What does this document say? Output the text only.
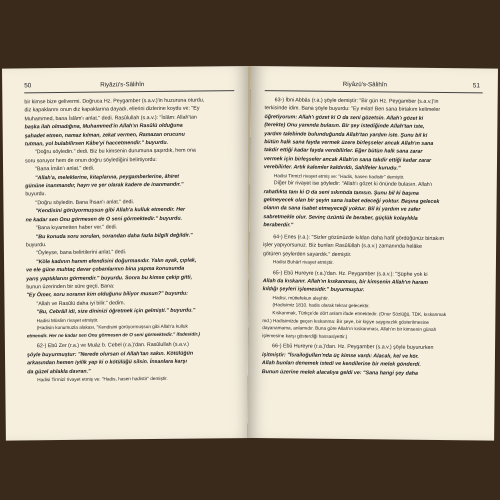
50	Riyâzü's-Sâlihîn

bir kimse bize gelivermi. Doğruca Hz. Peygamber (s.a.v.)'in huzuruna oturdu,

diz kapaklarını onun diz kapaklarına dayadı, ellerini dizlerine koydu ve: "Ey

Muhammed, bana İslâm'ı anlat." dedi. Rasûlullah (s.a.v.): "İslâm: Allah'tan

başka ilah olmadığına, Muhammed'in Allah'ın Rasûlü olduğuna

şahadet etmen, namaz kılman, zekat vermen, Ramazan orucunu

tutman, yol bulabilirsen Kâbe'yi haccetmendir." buyurdu.

"Doğru söyledin." dedi. Biz bu kimsenin durumuna şaşırdık, hem ona

soru soruyor hem de onun doğru söylediğini belirtiyordu:

"Bana İmân'ı anlat." dedi.

"Allah'a, meleklerine, kitaplarına, peygamberlerine, âhiret

gününe inanmandır, hayrı ve şer olarak kadere de inanmandır."

buyurdu.

"Doğru söyledin. Bana İhsan'ı anlat." dedi.

"Kendisini görüyormuşsun gibi Allah'a kulluk etmendir. Her

ne kadar sen Onu görmesen de O seni görmektedir." buyurdu.

"Bana kıyametten haber ver." dedi.

"Bu konuda soru sorulan, sorandan daha fazla bilgili değildir."

buyurdu.

"Öyleyse, bana belirtilerini anlat." dedi.

"Köle kadının hanım efendisini doğurmasıdır. Yalın ayak, çıplak,

ve ele güne muhtaç davar çobanlarının bina yapma konusunda

yarış yaptıklarını görmendir." buyurdu. Sonra bu kimse çekip gitti,

bunun üzerinden bir süre geçti. Bana:

"Ey Ömer, soru soranın kim olduğunu biliyor musun?" buyurdu:

"Allah ve Rasûlü daha iyi bilir." dedim.

"Bu, Cebrâil idi, size dininizi öğretmek için gelmişti." buyurdu."

Hadisi Müslim rivayet etmiştir.

(Hadisin konumuzla alakası, "Kendisini görüyormuşsun gibi Allah'a kulluk

etmendir. Her ne kadar sen Onu görmesen de O seni görmektedir." ifadesidir.)

62-) Ebû Zer (r.a.) ve Muâz b. Cebel (r.a.)'dan. Rasûlullah (s.a.v.)

şöyle buyurmuştur: "Nerede olursan ol Allah'tan sakın. Kötülüğün

arkasından hemen iyilik yap ki o kötülüğü silsin. İnsanlara karşı

da güzel ahlakla davran."

Hadisi Tirmizî rivayet etmiş ve: "Hadis, hasen hadistir" demiştir.

Riyâzü's-Sâlihîn	51

63-) İbni Abbâs (r.a.) şöyle demiştir: "Bir gün Hz. Peygamber (s.a.v.)'in

terkisinde idim. Bana şöyle buyurdu: "Ey evlat! Ben sana birtakım kelimeler

öğretiyorum: Allah'ı gözet ki O da seni gözetsin. Allah'ı gözet ki

(terekte) Onu yanında bulasın. Bir şey istediğinde Allah'tan iste,

yardım talebinde bulunduğunda Allah'tan yardım iste. Şunu bil ki

bütün halk sana fayda vermek üzere birleşseler ancak Allah'ın sana

takdir ettiği kadar fayda verebilirler. Eğer bütün halk sana zarar

vermek için birleşseler ancak Allah'ın sana takdir ettiği kadar zarar

verebilirler. Artık kalemler kaldırıldı, Sahîfeler kurudu."

Hadisi Tirmizî rivayet etmiş ve: "Hadis, hasen hadistir" demiştir.

Diğer bir rivayet ise şöyledir: "Allah'ı gözet ki önünde bulasın. Allah'ı

rahatlıkta tanı ki O da seni sıkıntıda tanısın. Şunu bil ki başına

gelmeyecek olan bir şeyin sana isabet edeceği yoktur. Başına gelecek

olanın da sana isabet etmeyeceği yoktur. Bil ki yardım ve zafer

sabretmekle olur. Sevinç üzüntü ile beraber, güçlük kolaylıkla

beraberdir."

64-) Enes (r.a.): "Sizler gözünüzde kıldan daha hafif gördüğünüz birtakım

işler yapıyorsunuz. Biz bunları Rasûlüllah (s.a.v.) zamanında helâke

götüren şeylerden sayardık." demiştir.

Hadisi Buhârî rivayet etmiştir.

65-) Ebû Hureyre (r.a.)'dan. Hz. Peygamber (s.a.v.): "Şüphe yok ki

Allah da kıskanır. Allah'ın kıskanması, bir kimsenin Allah'ın haram

kıldığı şeyleri işlemesidir." buyurmuştur.

Hadisi, müttefekun aleyhtir.

(Hadisimiz 1810. hadis olarak tekrar gelecektir.

Kıskanmak, Türkçe'de dört anlam ifade etmektedir. (Onur Sözlüğü, TDK, kıskanmak

md.) Hadisimizde geçen kıskanma: Bir şeye, bir kişiye saygısızlık gösterilmesine

dayanamama, anlamıdır. Buna göre Allah'ın kıskanması, Allah'ın bir kimsenin günah

işlemesine karşı gösterdiği hassasiyettir.)

66-) Ebû Hureyre (r.a.)'dan. Hz. Peygamber (s.a.v.) şöyle buyururken

işitmiştir: "İsrailoğulları'nda üç kimse vardı: Alacalı, kel ve kör.

Allah bunları denemek istedi ve kendilerine bir melek gönderdi.

Bunun üzerine melek alacalıya geldi ve: "Sana hangi şey daha
